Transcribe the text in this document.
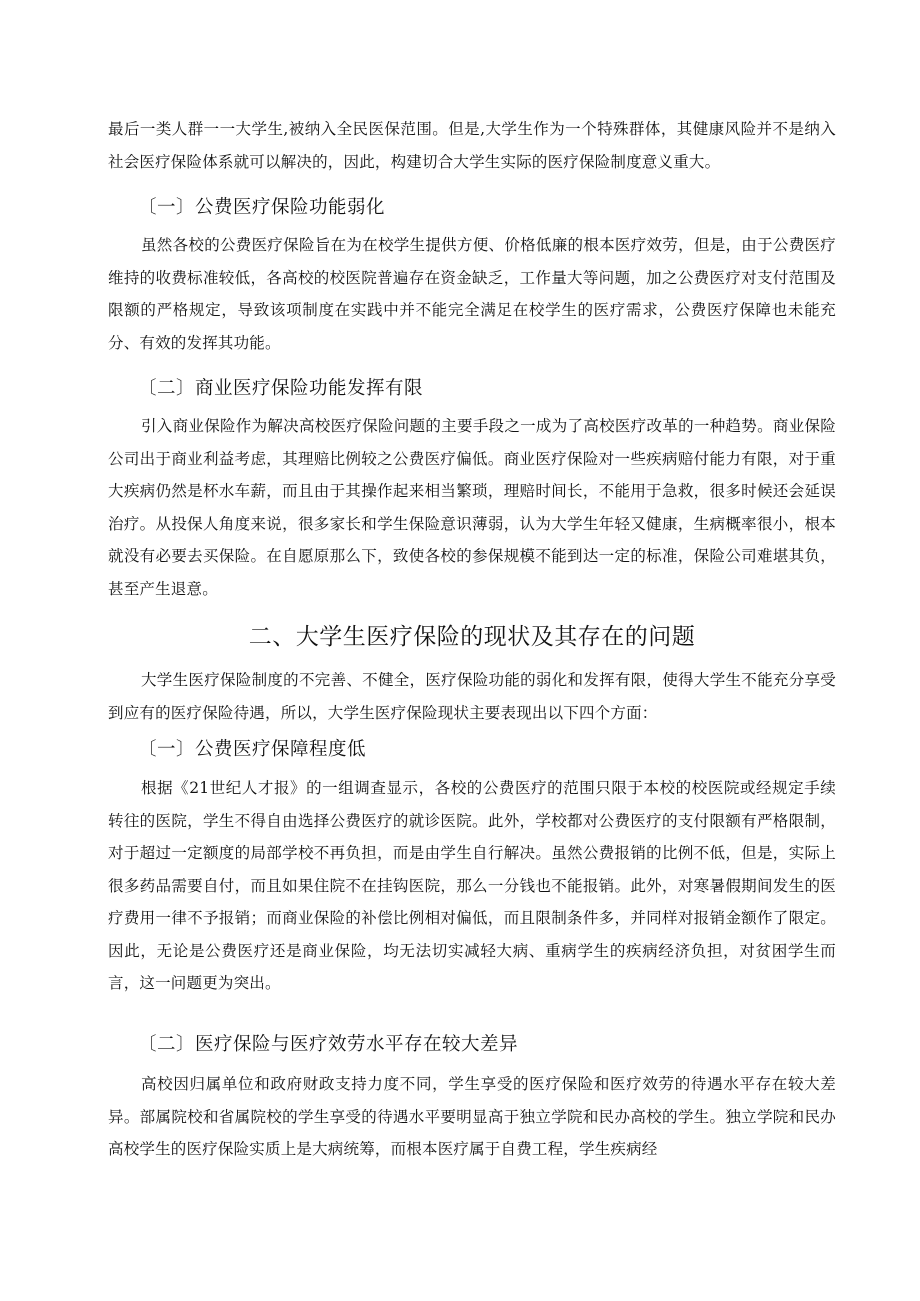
最后一类人群一一大学生,被纳入全民医保范围。但是,大学生作为一个特殊群体，其健康风险并不是纳入社会医疗保险体系就可以解决的，因此，构建切合大学生实际的医疗保险制度意义重大。

〔一〕公费医疗保险功能弱化

虽然各校的公费医疗保险旨在为在校学生提供方便、价格低廉的根本医疗效劳，但是，由于公费医疗维持的收费标准较低，各高校的校医院普遍存在资金缺乏，工作量大等问题，加之公费医疗对支付范围及限额的严格规定，导致该项制度在实践中并不能完全满足在校学生的医疗需求，公费医疗保障也未能充分、有效的发挥其功能。

〔二〕商业医疗保险功能发挥有限

引入商业保险作为解决高校医疗保险问题的主要手段之一成为了高校医疗改革的一种趋势。商业保险公司出于商业利益考虑，其理赔比例较之公费医疗偏低。商业医疗保险对一些疾病赔付能力有限，对于重大疾病仍然是杯水车薪，而且由于其操作起来相当繁琐，理赔时间长，不能用于急救，很多时候还会延误治疗。从投保人角度来说，很多家长和学生保险意识薄弱，认为大学生年轻又健康，生病概率很小，根本就没有必要去买保险。在自愿原那么下，致使各校的参保规模不能到达一定的标准，保险公司难堪其负，甚至产生退意。

二、大学生医疗保险的现状及其存在的问题

大学生医疗保险制度的不完善、不健全，医疗保险功能的弱化和发挥有限，使得大学生不能充分享受到应有的医疗保险待遇，所以，大学生医疗保险现状主要表现出以下四个方面：

〔一〕公费医疗保障程度低

根据《21世纪人才报》的一组调查显示，各校的公费医疗的范围只限于本校的校医院或经规定手续转往的医院，学生不得自由选择公费医疗的就诊医院。此外，学校都对公费医疗的支付限额有严格限制，对于超过一定额度的局部学校不再负担，而是由学生自行解决。虽然公费报销的比例不低，但是，实际上很多药品需要自付，而且如果住院不在挂钩医院，那么一分钱也不能报销。此外，对寒暑假期间发生的医疗费用一律不予报销；而商业保险的补偿比例相对偏低，而且限制条件多，并同样对报销金额作了限定。因此，无论是公费医疗还是商业保险，均无法切实减轻大病、重病学生的疾病经济负担，对贫困学生而言，这一问题更为突出。

〔二〕医疗保险与医疗效劳水平存在较大差异

高校因归属单位和政府财政支持力度不同，学生享受的医疗保险和医疗效劳的待遇水平存在较大差异。部属院校和省属院校的学生享受的待遇水平要明显高于独立学院和民办高校的学生。独立学院和民办高校学生的医疗保险实质上是大病统筹，而根本医疗属于自费工程，学生疾病经
